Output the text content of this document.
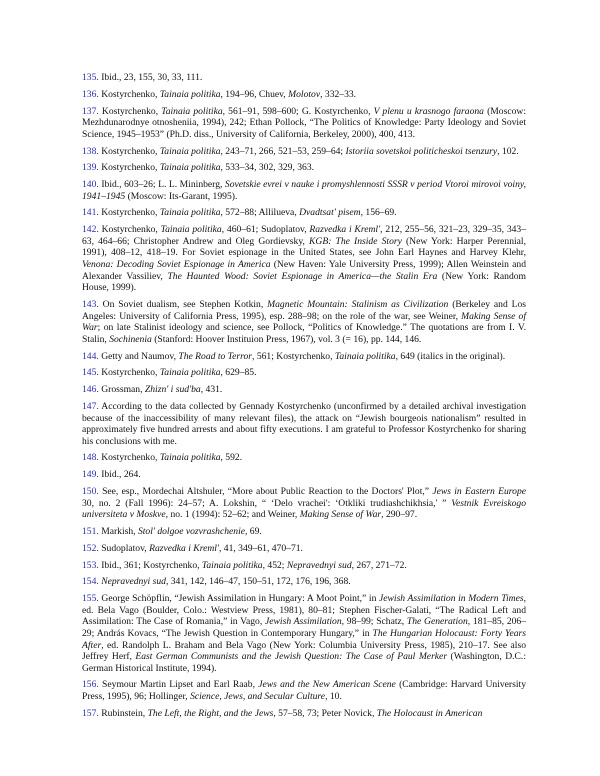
135. Ibid., 23, 155, 30, 33, 111.

136. Kostyrchenko, Tainaia politika, 194–96, Chuev, Molotov, 332–33.

137. Kostyrchenko, Tainaia politika, 561–91, 598–600; G. Kostyrchenko, V plenu u krasnogo faraona (Moscow: Mezhdunarodnye otnosheniia, 1994), 242; Ethan Pollock, “The Politics of Knowledge: Party Ideology and Soviet Science, 1945–1953” (Ph.D. diss., University of California, Berkeley, 2000), 400, 413.

138. Kostyrchenko, Tainaia politika, 243–71, 266, 521–53, 259–64; Istoriia sovetskoi politicheskoi tsenzury, 102.

139. Kostyrchenko, Tainaia politika, 533–34, 302, 329, 363.

140. Ibid., 603–26; L. L. Mininberg, Sovetskie evrei v nauke i promyshlennosti SSSR v period Vtoroi mirovoi voiny, 1941–1945 (Moscow: Its-Garant, 1995).

141. Kostyrchenko, Tainaia politika, 572–88; Allilueva, Dvadtsat' pisem, 156–69.

142. Kostyrchenko, Tainaia politika, 460–61; Sudoplatov, Razvedka i Kreml', 212, 255–56, 321–23, 329–35, 343–63, 464–66; Christopher Andrew and Oleg Gordievsky, KGB: The Inside Story (New York: Harper Perennial, 1991), 408–12, 418–19. For Soviet espionage in the United States, see John Earl Haynes and Harvey Klehr, Venona: Decoding Soviet Espionage in America (New Haven: Yale University Press, 1999); Allen Weinstein and Alexander Vassiliev, The Haunted Wood: Soviet Espionage in America—the Stalin Era (New York: Random House, 1999).

143. On Soviet dualism, see Stephen Kotkin, Magnetic Mountain: Stalinism as Civilization (Berkeley and Los Angeles: University of California Press, 1995), esp. 288–98; on the role of the war, see Weiner, Making Sense of War; on late Stalinist ideology and science, see Pollock, “Politics of Knowledge.” The quotations are from I. V. Stalin, Sochinenia (Stanford: Hoover Instituion Press, 1967), vol. 3 (= 16), pp. 144, 146.

144. Getty and Naumov, The Road to Terror, 561; Kostyrchenko, Tainaia politika, 649 (italics in the original).

145. Kostyrchenko, Tainaia politika, 629–85.

146. Grossman, Zhizn' i sud'ba, 431.

147. According to the data collected by Gennady Kostyrchenko (unconfirmed by a detailed archival investigation because of the inaccessibility of many relevant files), the attack on “Jewish bourgeois nationalism” resulted in approximately five hundred arrests and about fifty executions. I am grateful to Professor Kostyrchenko for sharing his conclusions with me.

148. Kostyrchenko, Tainaia politika, 592.

149. Ibid., 264.

150. See, esp., Mordechai Altshuler, “More about Public Reaction to the Doctors' Plot,” Jews in Eastern Europe 30, no. 2 (Fall 1996): 24–57; A. Lokshin, “ ‘Delo vrachei': ‘Otkliki trudiashchikhsia,' ” Vestnik Evreiskogo universiteta v Moskve, no. 1 (1994): 52–62; and Weiner, Making Sense of War, 290–97.

151. Markish, Stol' dolgoe vozvrashchenie, 69.

152. Sudoplatov, Razvedka i Kreml', 41, 349–61, 470–71.

153. Ibid., 361; Kostyrchenko, Tainaia politika, 452; Nepravednyi sud, 267, 271–72.

154. Nepravednyi sud, 341, 142, 146–47, 150–51, 172, 176, 196, 368.

155. George Schöpflin, “Jewish Assimilation in Hungary: A Moot Point,” in Jewish Assimilation in Modern Times, ed. Bela Vago (Boulder, Colo.: Westview Press, 1981), 80–81; Stephen Fischer-Galati, “The Radical Left and Assimilation: The Case of Romania,” in Vago, Jewish Assimilation, 98–99; Schatz, The Generation, 181–85, 206–29; András Kovacs, “The Jewish Question in Contemporary Hungary,” in The Hungarian Holocaust: Forty Years After, ed. Randolph L. Braham and Bela Vago (New York: Columbia University Press, 1985), 210–17. See also Jeffrey Herf, East German Communists and the Jewish Question: The Case of Paul Merker (Washington, D.C.: German Historical Institute, 1994).

156. Seymour Martin Lipset and Earl Raab, Jews and the New American Scene (Cambridge: Harvard University Press, 1995), 96; Hollinger, Science, Jews, and Secular Culture, 10.

157. Rubinstein, The Left, the Right, and the Jews, 57–58, 73; Peter Novick, The Holocaust in American
